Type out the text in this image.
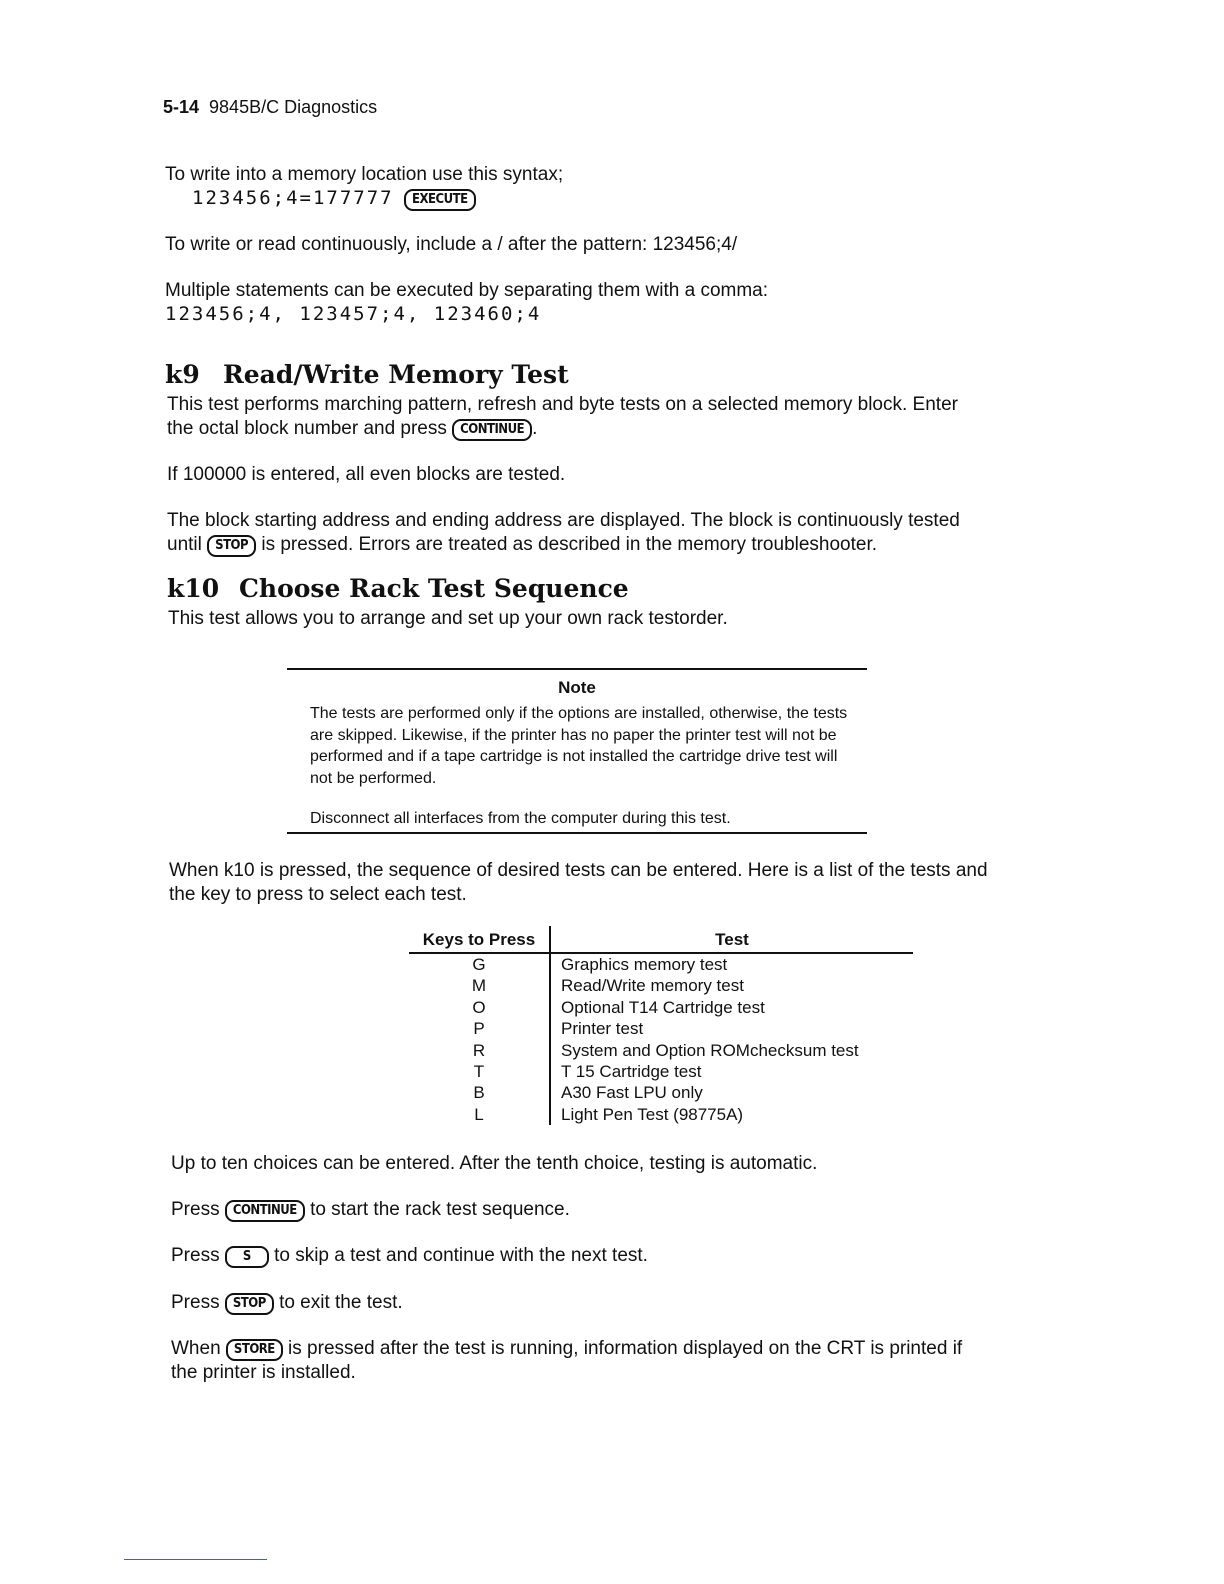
5-14 9845B/C Diagnostics
To write into a memory location use this syntax;
123456;4=177777 EXECUTE
To write or read continuously, include a / after the pattern: 123456;4/
Multiple statements can be executed by separating them with a comma:
123456;4, 123457;4, 123460;4
k9 Read/Write Memory Test
This test performs marching pattern, refresh and byte tests on a selected memory block. Enter
the octal block number and press CONTINUE .
If 100000 is entered, all even blocks are tested.
The block starting address and ending address are displayed. The block is continuously tested
until STOP is pressed. Errors are treated as described in the memory troubleshooter.
k10 Choose Rack Test Sequence
This test allows you to arrange and set up your own rack testorder.
Note
The tests are performed only if the options are installed, otherwise, the tests are skipped. Likewise, if the printer has no paper the printer test will not be performed and if a tape cartridge is not installed the cartridge drive test will not be performed.
Disconnect all interfaces from the computer during this test.
When k10 is pressed, the sequence of desired tests can be entered. Here is a list of the tests and
the key to press to select each test.
Keys to Press	Test
G	Graphics memory test
M	Read/Write memory test
O	Optional T14 Cartridge test
P	Printer test
R	System and Option ROMchecksum test
T	T 15 Cartridge test
B	A30 Fast LPU only
L	Light Pen Test (98775A)
Up to ten choices can be entered. After the tenth choice, testing is automatic.
Press CONTINUE to start the rack test sequence.
Press S to skip a test and continue with the next test.
Press STOP to exit the test.
When STORE is pressed after the test is running, information displayed on the CRT is printed if
the printer is installed.
